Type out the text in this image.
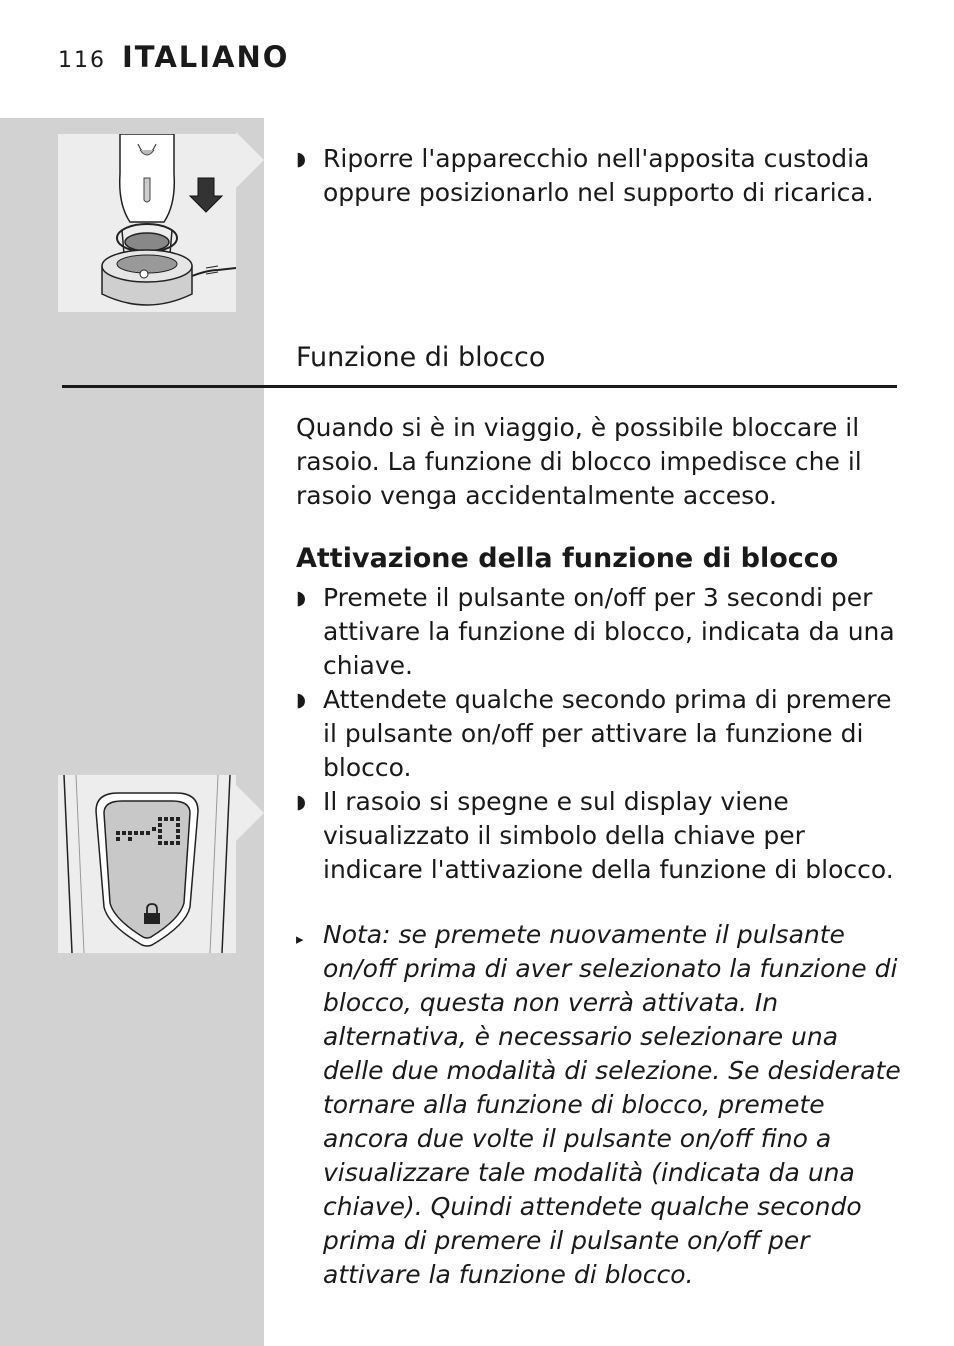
116 ITALIANO
◗ Riporre l'apparecchio nell'apposita custodia oppure posizionarlo nel supporto di ricarica.
Funzione di blocco
Quando si è in viaggio, è possibile bloccare il rasoio. La funzione di blocco impedisce che il rasoio venga accidentalmente acceso.
Attivazione della funzione di blocco
◗ Premete il pulsante on/off per 3 secondi per attivare la funzione di blocco, indicata da una chiave.
◗ Attendete qualche secondo prima di premere il pulsante on/off per attivare la funzione di blocco.
◗ Il rasoio si spegne e sul display viene visualizzato il simbolo della chiave per indicare l'attivazione della funzione di blocco.
▸ Nota: se premete nuovamente il pulsante on/off prima di aver selezionato la funzione di blocco, questa non verrà attivata. In alternativa, è necessario selezionare una delle due modalità di selezione. Se desiderate tornare alla funzione di blocco, premete ancora due volte il pulsante on/off fino a visualizzare tale modalità (indicata da una chiave). Quindi attendete qualche secondo prima di premere il pulsante on/off per attivare la funzione di blocco.
